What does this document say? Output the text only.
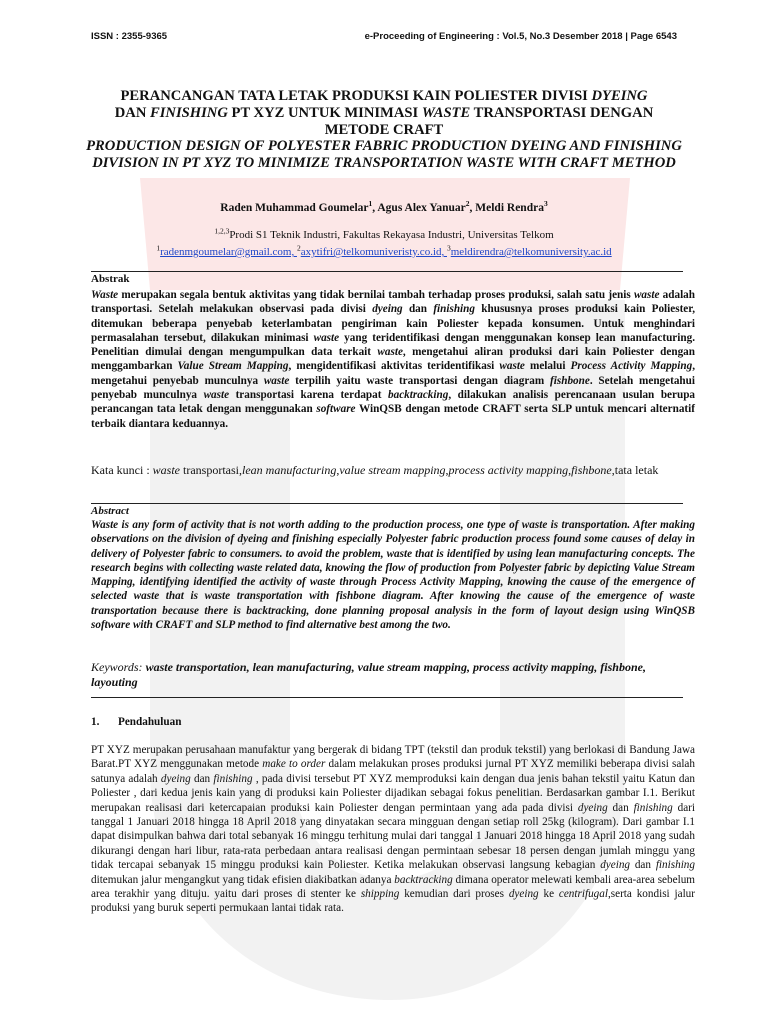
ISSN : 2355-9365	e-Proceeding of Engineering : Vol.5, No.3 Desember 2018 | Page 6543
PERANCANGAN TATA LETAK PRODUKSI KAIN POLIESTER DIVISI DYEING
DAN FINISHING PT XYZ UNTUK MINIMASI WASTE TRANSPORTASI DENGAN
METODE CRAFT
PRODUCTION DESIGN OF POLYESTER FABRIC PRODUCTION DYEING AND FINISHING DIVISION IN PT XYZ TO MINIMIZE TRANSPORTATION WASTE WITH CRAFT METHOD
Raden Muhammad Goumelar$^1$, Agus Alex Yanuar$^2$, Meldi Rendra$^3$
$^{1,2,3}$Prodi S1 Teknik Industri, Fakultas Rekayasa Industri, Universitas Telkom
$^1$radenmgoumelar@gmail.com, $^2$axytifri@telkomuniveristy.co.id, $^3$meldirendra@telkomuniversity.ac.id
Abstrak
Waste merupakan segala bentuk aktivitas yang tidak bernilai tambah terhadap proses produksi, salah satu jenis waste adalah transportasi. Setelah melakukan observasi pada divisi dyeing dan finishing khususnya proses produksi kain Poliester, ditemukan beberapa penyebab keterlambatan pengiriman kain Poliester kepada konsumen. Untuk menghindari permasalahan tersebut, dilakukan minimasi waste yang teridentifikasi dengan menggunakan konsep lean manufacturing. Penelitian dimulai dengan mengumpulkan data terkait waste, mengetahui aliran produksi dari kain Poliester dengan menggambarkan Value Stream Mapping, mengidentifikasi aktivitas teridentifikasi waste melalui Process Activity Mapping, mengetahui penyebab munculnya waste terpilih yaitu waste transportasi dengan diagram fishbone. Setelah mengetahui penyebab munculnya waste transportasi karena terdapat backtracking, dilakukan analisis perencanaan usulan berupa perancangan tata letak dengan menggunakan software WinQSB dengan metode CRAFT serta SLP untuk mencari alternatif terbaik diantara keduannya.
Kata kunci : waste transportasi,lean manufacturing,value stream mapping,process activity mapping,fishbone,tata letak
Abstract
Waste is any form of activity that is not worth adding to the production process, one type of waste is transportation. After making observations on the division of dyeing and finishing especially Polyester fabric production process found some causes of delay in delivery of Polyester fabric to consumers. to avoid the problem, waste that is identified by using lean manufacturing concepts. The research begins with collecting waste related data, knowing the flow of production from Polyester fabric by depicting Value Stream Mapping, identifying identified the activity of waste through Process Activity Mapping, knowing the cause of the emergence of selected waste that is waste transportation with fishbone diagram. After knowing the cause of the emergence of waste transportation because there is backtracking, done planning proposal analysis in the form of layout design using WinQSB software with CRAFT and SLP method to find alternative best among the two.
Keywords: waste transportation, lean manufacturing, value stream mapping, process activity mapping, fishbone, layouting
1. Pendahuluan
PT XYZ merupakan perusahaan manufaktur yang bergerak di bidang TPT (tekstil dan produk tekstil) yang berlokasi di Bandung Jawa Barat.PT XYZ menggunakan metode make to order dalam melakukan proses produksi jurnal PT XYZ memiliki beberapa divisi salah satunya adalah dyeing dan finishing , pada divisi tersebut PT XYZ memproduksi kain dengan dua jenis bahan tekstil yaitu Katun dan Poliester , dari kedua jenis kain yang di produksi kain Poliester dijadikan sebagai fokus penelitian. Berdasarkan gambar I.1. Berikut merupakan realisasi dari ketercapaian produksi kain Poliester dengan permintaan yang ada pada divisi dyeing dan finishing dari tanggal 1 Januari 2018 hingga 18 April 2018 yang dinyatakan secara mingguan dengan setiap roll 25kg (kilogram). Dari gambar I.1 dapat disimpulkan bahwa dari total sebanyak 16 minggu terhitung mulai dari tanggal 1 Januari 2018 hingga 18 April 2018 yang sudah dikurangi dengan hari libur, rata-rata perbedaan antara realisasi dengan permintaan sebesar 18 persen dengan jumlah minggu yang tidak tercapai sebanyak 15 minggu produksi kain Poliester. Ketika melakukan observasi langsung kebagian dyeing dan finishing ditemukan jalur mengangkut yang tidak efisien diakibatkan adanya backtracking dimana operator melewati kembali area-area sebelum area terakhir yang dituju. yaitu dari proses di stenter ke shipping kemudian dari proses dyeing ke centrifugal,serta kondisi jalur produksi yang buruk seperti permukaan lantai tidak rata.
